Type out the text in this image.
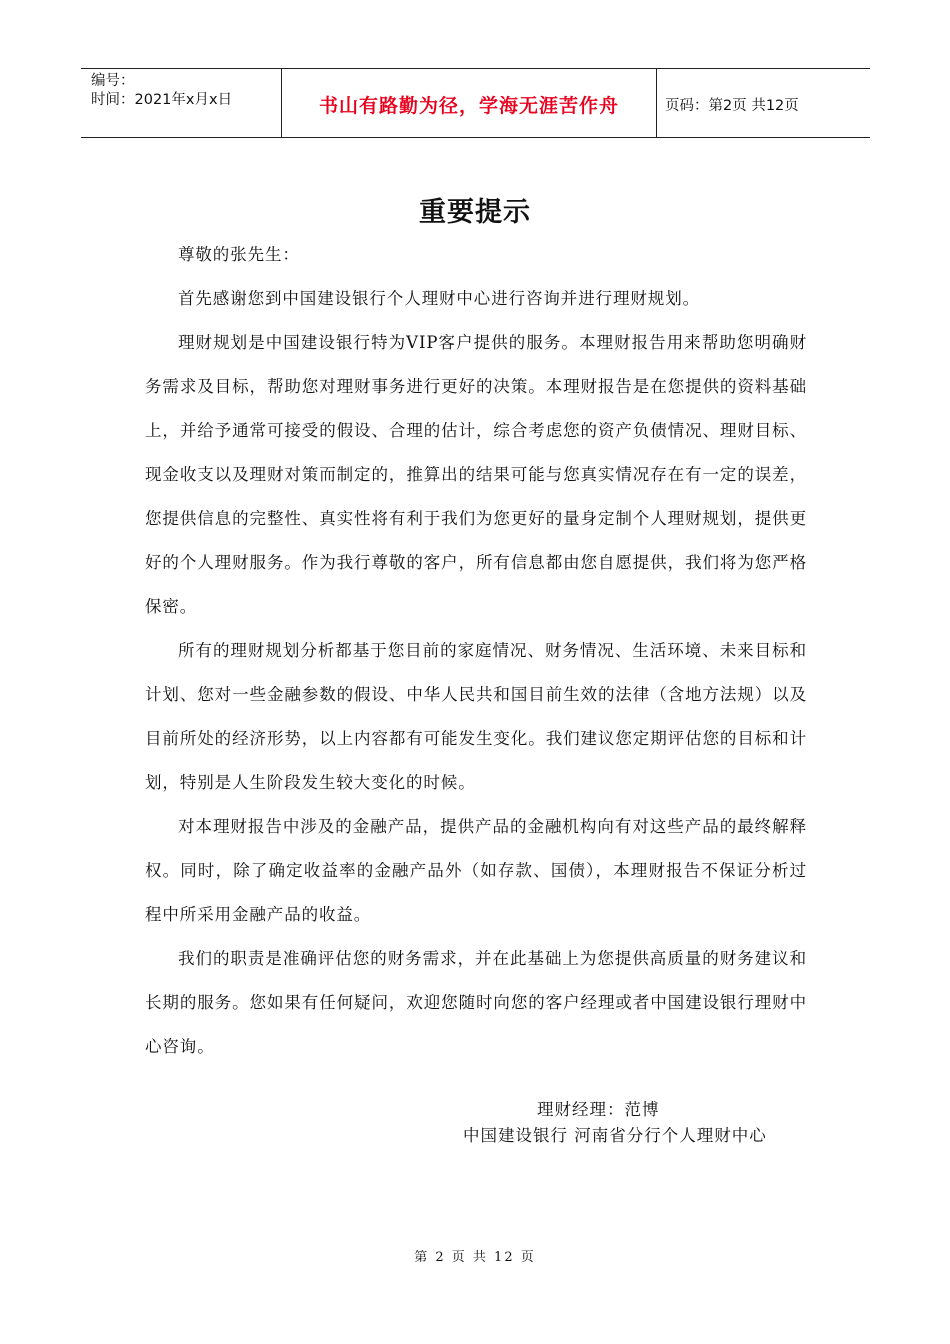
编号：
时间：2021年x月x日	书山有路勤为径，学海无涯苦作舟	页码：第2页 共12页
重要提示

尊敬的张先生：

首先感谢您到中国建设银行个人理财中心进行咨询并进行理财规划。

理财规划是中国建设银行特为VIP客户提供的服务。本理财报告用来帮助您明确财务需求及目标，帮助您对理财事务进行更好的决策。本理财报告是在您提供的资料基础上，并给予通常可接受的假设、合理的估计，综合考虑您的资产负债情况、理财目标、现金收支以及理财对策而制定的，推算出的结果可能与您真实情况存在有一定的误差，您提供信息的完整性、真实性将有利于我们为您更好的量身定制个人理财规划，提供更好的个人理财服务。作为我行尊敬的客户，所有信息都由您自愿提供，我们将为您严格保密。

所有的理财规划分析都基于您目前的家庭情况、财务情况、生活环境、未来目标和计划、您对一些金融参数的假设、中华人民共和国目前生效的法律（含地方法规）以及目前所处的经济形势，以上内容都有可能发生变化。我们建议您定期评估您的目标和计划，特别是人生阶段发生较大变化的时候。

对本理财报告中涉及的金融产品，提供产品的金融机构向有对这些产品的最终解释权。同时，除了确定收益率的金融产品外（如存款、国债），本理财报告不保证分析过程中所采用金融产品的收益。

我们的职责是准确评估您的财务需求，并在此基础上为您提供高质量的财务建议和长期的服务。您如果有任何疑问，欢迎您随时向您的客户经理或者中国建设银行理财中心咨询。

理财经理：范博
中国建设银行 河南省分行个人理财中心
第 2 页 共 12 页
